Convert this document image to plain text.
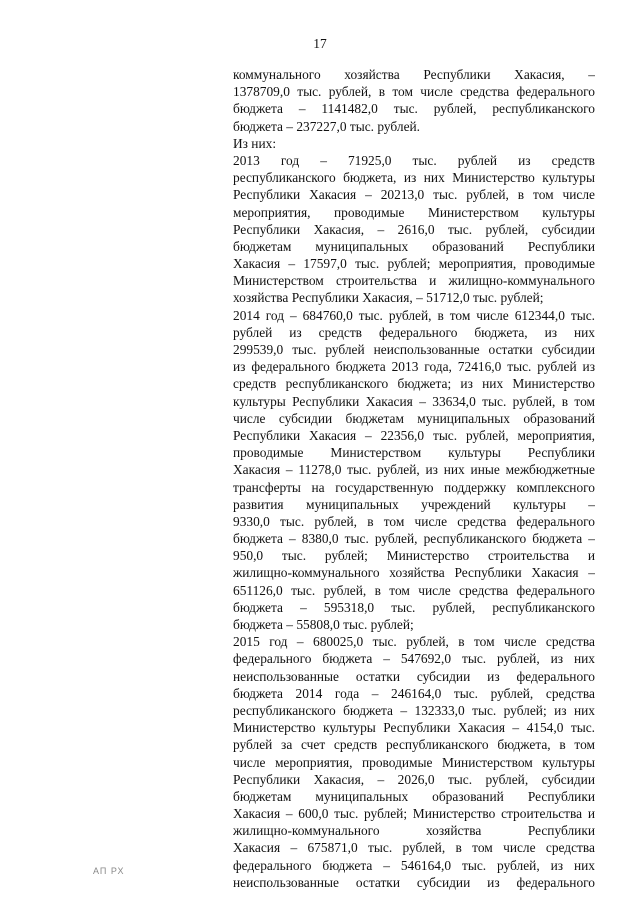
17
коммунального хозяйства Республики Хакасия, –
1378709,0 тыс. рублей, в том числе средства федерального
бюджета – 1141482,0 тыс. рублей, республиканского
бюджета – 237227,0 тыс. рублей.
Из них:
2013 год – 71925,0 тыс. рублей из средств
республиканского бюджета, из них Министерство культуры
Республики Хакасия – 20213,0 тыс. рублей, в том числе
мероприятия, проводимые Министерством культуры
Республики Хакасия, – 2616,0 тыс. рублей, субсидии
бюджетам муниципальных образований Республики
Хакасия – 17597,0 тыс. рублей; мероприятия, проводимые
Министерством строительства и жилищно-коммунального
хозяйства Республики Хакасия, – 51712,0 тыс. рублей;
2014 год – 684760,0 тыс. рублей, в том числе 612344,0 тыс.
рублей из средств федерального бюджета, из них
299539,0 тыс. рублей неиспользованные остатки субсидии
из федерального бюджета 2013 года, 72416,0 тыс. рублей из
средств республиканского бюджета; из них Министерство
культуры Республики Хакасия – 33634,0 тыс. рублей, в том
числе субсидии бюджетам муниципальных образований
Республики Хакасия – 22356,0 тыс. рублей, мероприятия,
проводимые Министерством культуры Республики
Хакасия – 11278,0 тыс. рублей, из них иные межбюджетные
трансферты на государственную поддержку комплексного
развития муниципальных учреждений культуры –
9330,0 тыс. рублей, в том числе средства федерального
бюджета – 8380,0 тыс. рублей, республиканского бюджета –
950,0 тыс. рублей; Министерство строительства и
жилищно-коммунального хозяйства Республики Хакасия –
651126,0 тыс. рублей, в том числе средства федерального
бюджета – 595318,0 тыс. рублей, республиканского
бюджета – 55808,0 тыс. рублей;
2015 год – 680025,0 тыс. рублей, в том числе средства
федерального бюджета – 547692,0 тыс. рублей, из них
неиспользованные остатки субсидии из федерального
бюджета 2014 года – 246164,0 тыс. рублей, средства
республиканского бюджета – 132333,0 тыс. рублей; из них
Министерство культуры Республики Хакасия – 4154,0 тыс.
рублей за счет средств республиканского бюджета, в том
числе мероприятия, проводимые Министерством культуры
Республики Хакасия, – 2026,0 тыс. рублей, субсидии
бюджетам муниципальных образований Республики
Хакасия – 600,0 тыс. рублей; Министерство строительства и
жилищно-коммунального хозяйства Республики
Хакасия – 675871,0 тыс. рублей, в том числе средства
федерального бюджета – 546164,0 тыс. рублей, из них
неиспользованные остатки субсидии из федерального
АП РХ
